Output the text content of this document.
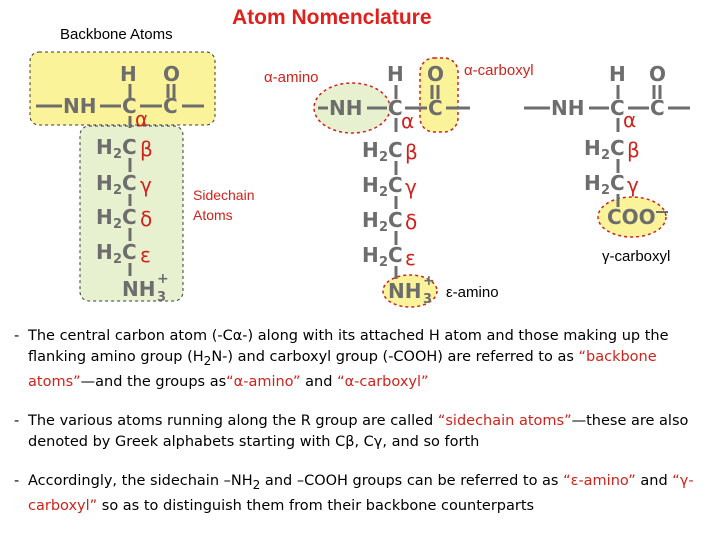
Atom Nomenclature
Backbone Atoms
H O
NH C C
α
H 2 C β
H 2 C γ
H 2 C δ
H 2 C ε
NH 3
+
H O
NH C C
α
H 2 C β
H 2 C γ
H 2 C δ
H 2 C ε
NH 3
+
H O
NH C C
α
H 2 C β
H 2 C γ
COO
α-amino	α-carboxyl
Sidechain
Atoms
γ-carboxyl
ε-amino
- The central carbon atom (-Cα-) along with its attached H atom and those making up the flanking amino group $(H_2N-)$ and carboxyl group (-COOH) are referred to as “backbone atoms”—and the groups as“α-amino” and “α-carboxyl”
- The various atoms running along the R group are called “sidechain atoms”—these are also denoted by Greek alphabets starting with Cβ, Cγ, and so forth
- Accordingly, the sidechain $-NH_2$ and –COOH groups can be referred to as “ε-amino” and “γ-carboxyl” so as to distinguish them from their backbone counterparts
